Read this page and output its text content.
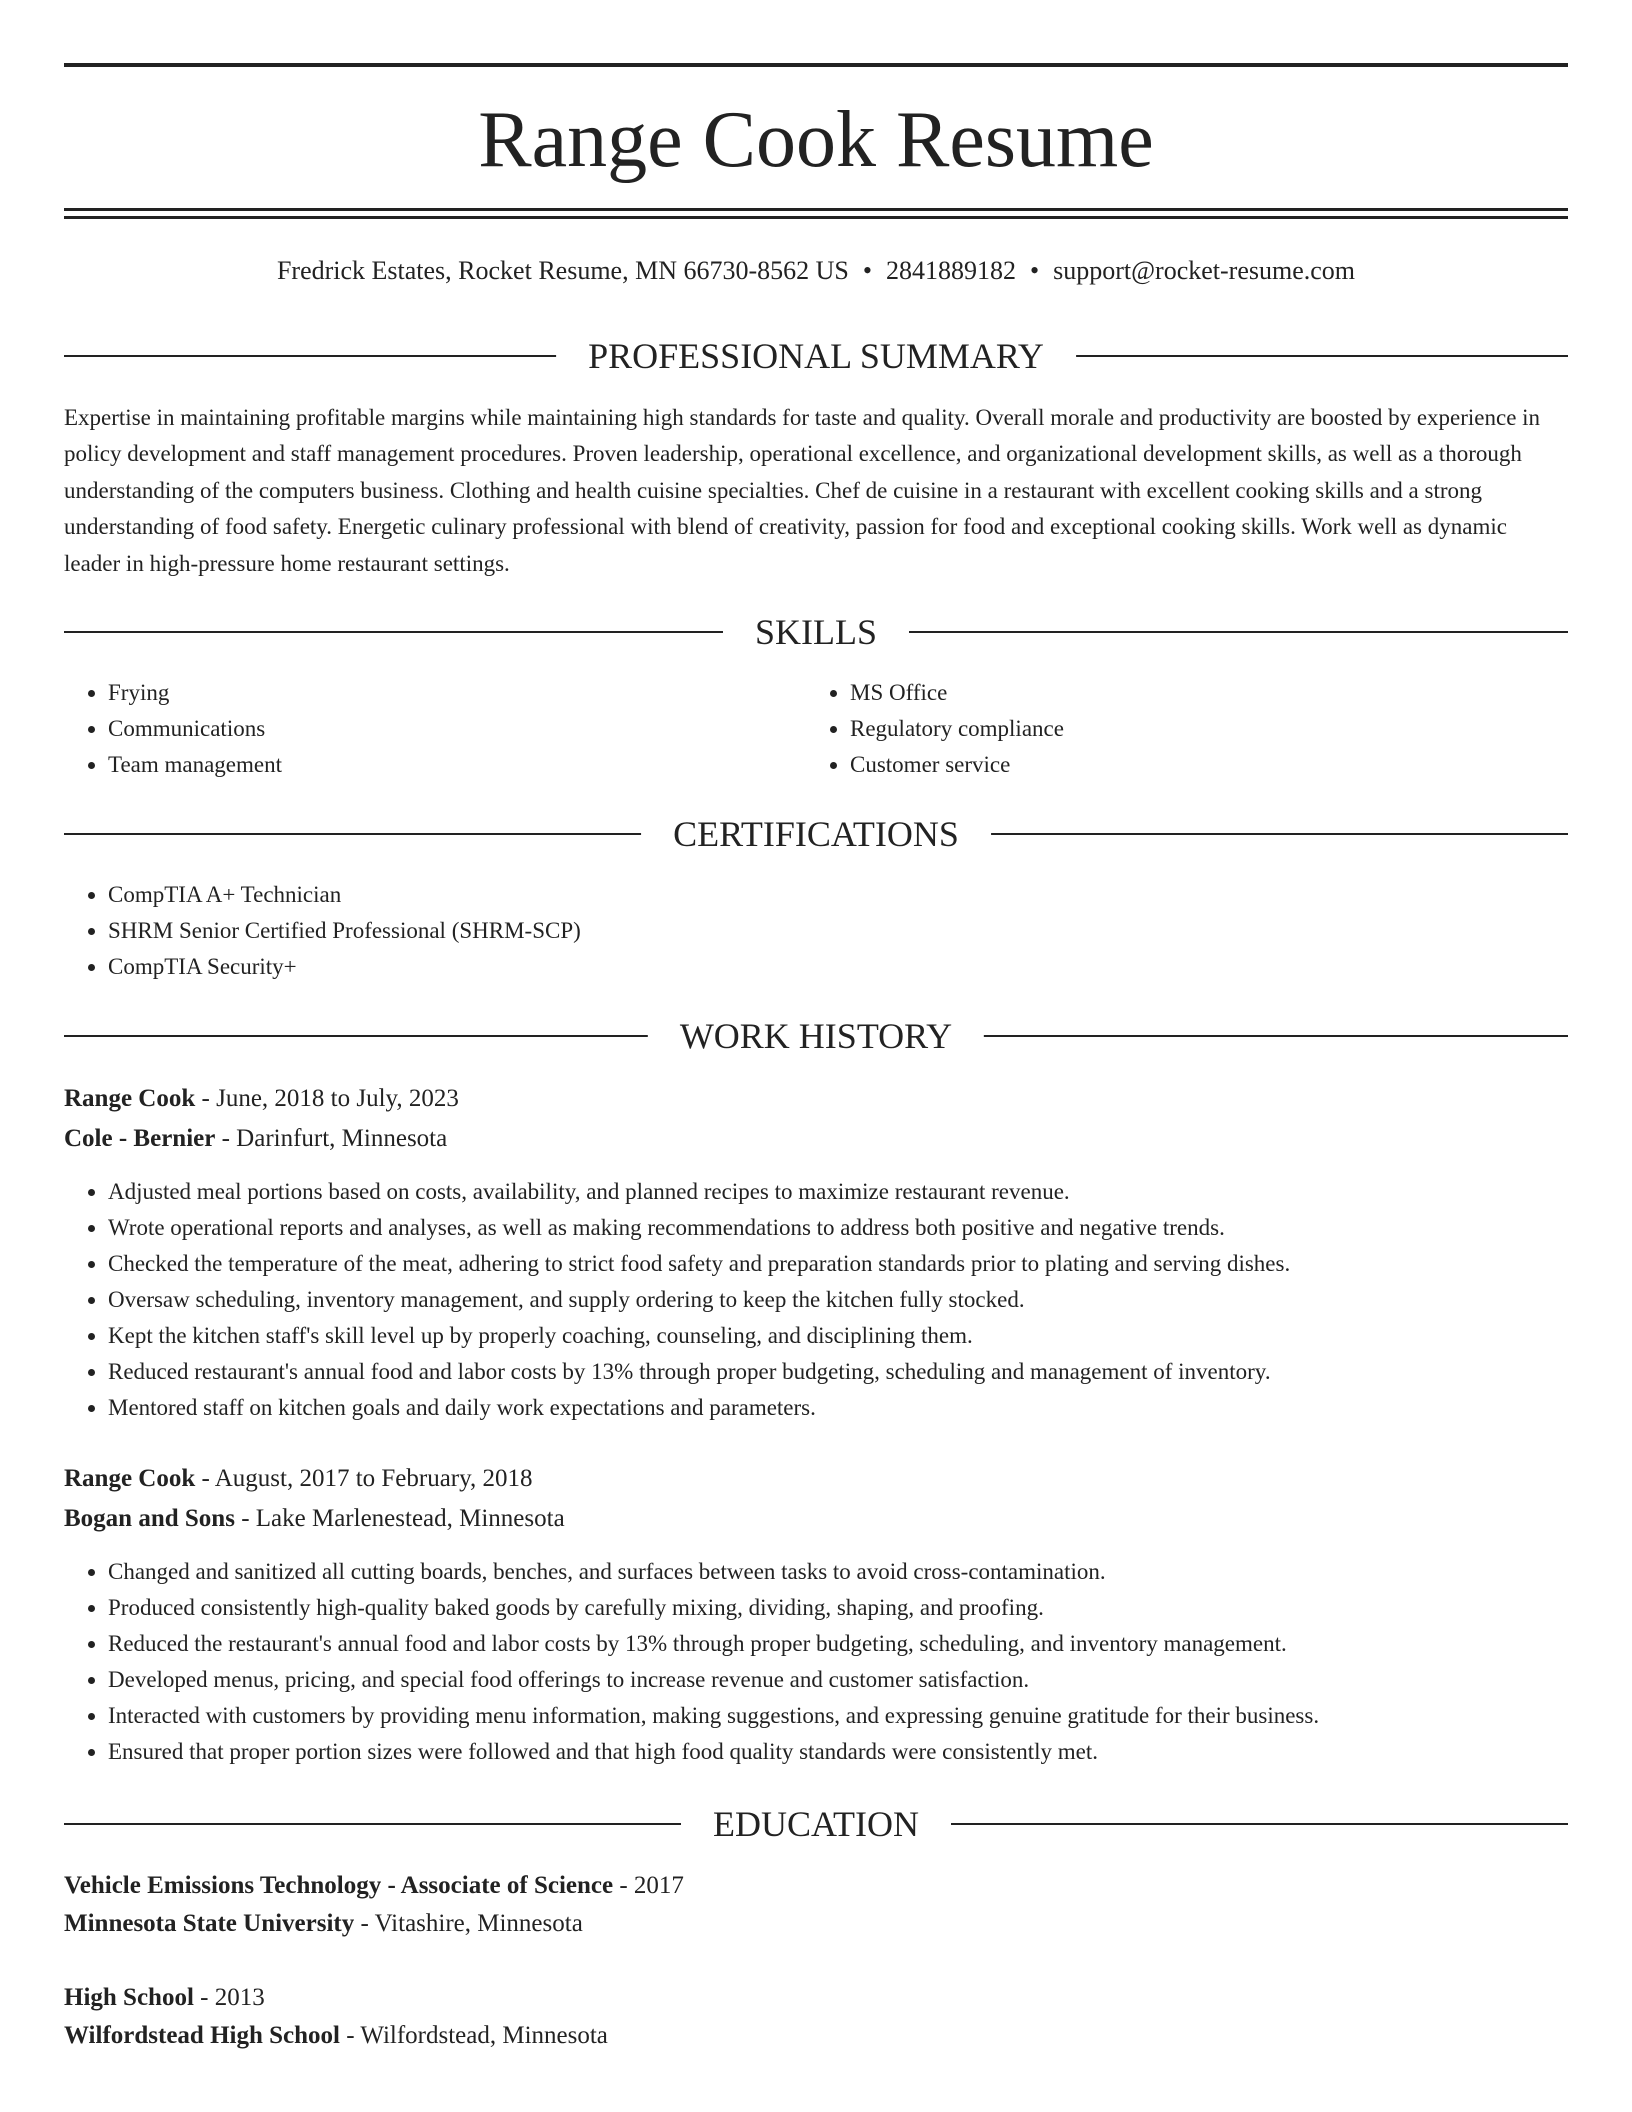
Range Cook Resume
Fredrick Estates, Rocket Resume, MN 66730-8562 US • 2841889182 • support@rocket-resume.com
PROFESSIONAL SUMMARY

Expertise in maintaining profitable margins while maintaining high standards for taste and quality. Overall morale and productivity are boosted by experience in policy development and staff management procedures. Proven leadership, operational excellence, and organizational development skills, as well as a thorough understanding of the computers business. Clothing and health cuisine specialties. Chef de cuisine in a restaurant with excellent cooking skills and a strong understanding of food safety. Energetic culinary professional with blend of creativity, passion for food and exceptional cooking skills. Work well as dynamic leader in high-pressure home restaurant settings.

SKILLS
• Frying
• Communications
• Team management
• MS Office
• Regulatory compliance
• Customer service
CERTIFICATIONS
• CompTIA A+ Technician
• SHRM Senior Certified Professional (SHRM-SCP)
• CompTIA Security+
WORK HISTORY
Range Cook - June, 2018 to July, 2023
Cole - Bernier - Darinfurt, Minnesota
• Adjusted meal portions based on costs, availability, and planned recipes to maximize restaurant revenue.
• Wrote operational reports and analyses, as well as making recommendations to address both positive and negative trends.
• Checked the temperature of the meat, adhering to strict food safety and preparation standards prior to plating and serving dishes.
• Oversaw scheduling, inventory management, and supply ordering to keep the kitchen fully stocked.
• Kept the kitchen staff's skill level up by properly coaching, counseling, and disciplining them.
• Reduced restaurant's annual food and labor costs by 13% through proper budgeting, scheduling and management of inventory.
• Mentored staff on kitchen goals and daily work expectations and parameters.
Range Cook - August, 2017 to February, 2018
Bogan and Sons - Lake Marlenestead, Minnesota
• Changed and sanitized all cutting boards, benches, and surfaces between tasks to avoid cross-contamination.
• Produced consistently high-quality baked goods by carefully mixing, dividing, shaping, and proofing.
• Reduced the restaurant's annual food and labor costs by 13% through proper budgeting, scheduling, and inventory management.
• Developed menus, pricing, and special food offerings to increase revenue and customer satisfaction.
• Interacted with customers by providing menu information, making suggestions, and expressing genuine gratitude for their business.
• Ensured that proper portion sizes were followed and that high food quality standards were consistently met.
EDUCATION
Vehicle Emissions Technology - Associate of Science - 2017
Minnesota State University - Vitashire, Minnesota
High School - 2013
Wilfordstead High School - Wilfordstead, Minnesota
